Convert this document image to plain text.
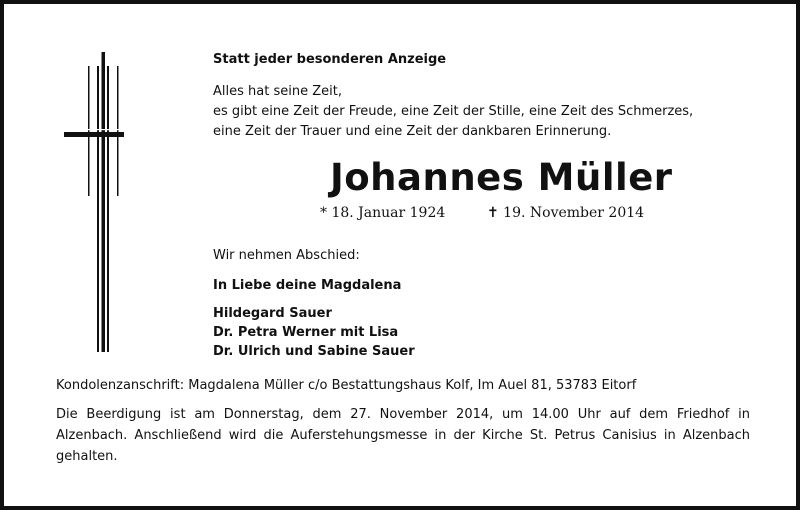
Statt jeder besonderen Anzeige
Alles hat seine Zeit,
es gibt eine Zeit der Freude, eine Zeit der Stille, eine Zeit des Schmerzes,
eine Zeit der Trauer und eine Zeit der dankbaren Erinnerung.
Johannes Müller
* 18. Januar 1924	✝ 19. November 2014
Wir nehmen Abschied:
In Liebe deine Magdalena
Hildegard Sauer
Dr. Petra Werner mit Lisa
Dr. Ulrich und Sabine Sauer
Kondolenzanschrift: Magdalena Müller c/o Bestattungshaus Kolf, Im Auel 81, 53783 Eitorf
Die Beerdigung ist am Donnerstag, dem 27. November 2014, um 14.00 Uhr auf dem Friedhof in
Alzenbach. Anschließend wird die Auferstehungsmesse in der Kirche St. Petrus Canisius in Alzenbach
gehalten.
